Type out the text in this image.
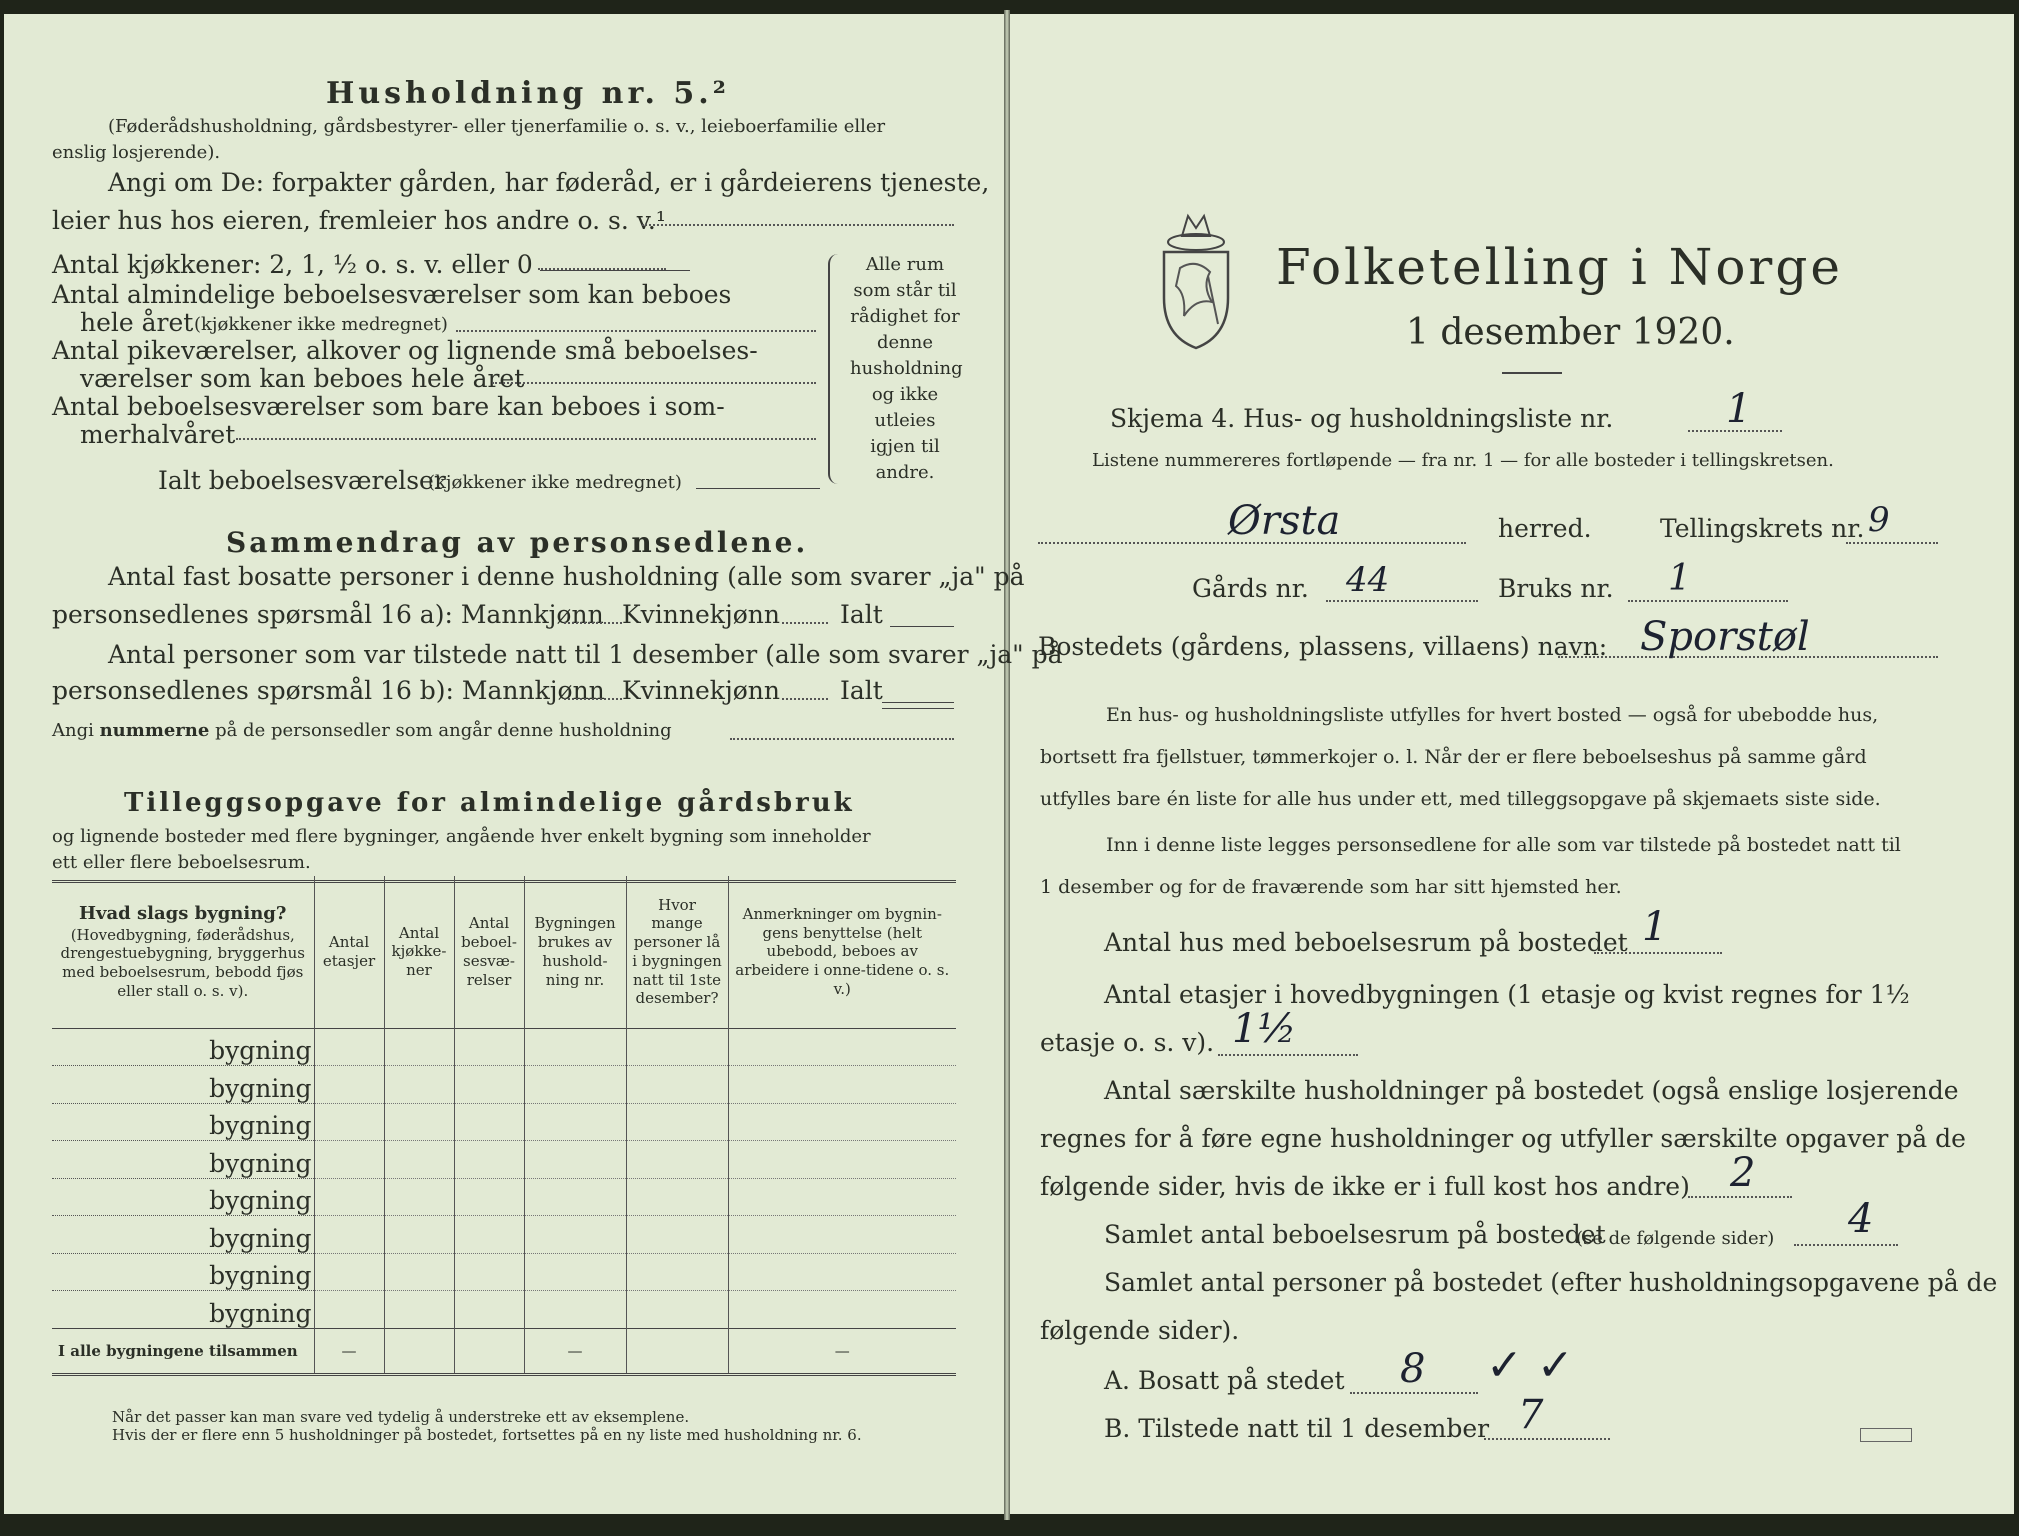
Husholdning nr. 5.²
(Føderådshusholdning, gårdsbestyrer- eller tjenerfamilie o. s. v., leieboerfamilie eller
enslig losjerende).
Angi om De: forpakter gården, har føderåd, er i gårdeierens tjeneste,
leier hus hos eieren, fremleier hos andre o. s. v.¹
Antal kjøkkener: 2, 1, ½ o. s. v. eller 0
Antal almindelige beboelsesværelser som kan beboes
hele året (kjøkkener ikke medregnet)
Antal pikeværelser, alkover og lignende små beboelses-
værelser som kan beboes hele året
Antal beboelsesværelser som bare kan beboes i som-
merhalvåret
Ialt beboelsesværelser
(kjøkkener ikke medregnet)
Alle rum som står til rådighet for denne husholdning og ikke utleies igjen til andre.
Sammendrag av personsedlene.
Antal fast bosatte personer i denne husholdning (alle som svarer „ja" på
personsedlenes spørsmål 16 a): Mannkjønn Kvinnekjønn Ialt
Antal personer som var tilstede natt til 1 desember (alle som svarer „ja" på
personsedlenes spørsmål 16 b): Mannkjønn Kvinnekjønn Ialt
Angi nummerne på de personsedler som angår denne husholdning
Tilleggsopgave for almindelige gårdsbruk
og lignende bosteder med flere bygninger, angående hver enkelt bygning som inneholder
ett eller flere beboelsesrum.
Hvad slags bygning?
(Hovedbygning, føderådshus, drengestuebygning, bryggerhus med beboelsesrum, bebodd fjøs eller stall o. s. v).	Antal etasjer	Antal kjøkke-ner	Antal beboel-sesvæ-relser	Bygningen brukes av hushold-ning nr.	Hvor mange personer lå i bygningen natt til 1ste desember?	Anmerkninger om bygnin-gens benyttelse (helt ubebodd, beboes av arbeidere i onne-tidene o. s. v.)
bygning						
bygning						
bygning						
bygning						
bygning						
bygning						
bygning						
bygning						
I alle bygningene tilsammen	—			—		—
Når det passer kan man svare ved tydelig å understreke ett av eksemplene.
Hvis der er flere enn 5 husholdninger på bostedet, fortsettes på en ny liste med husholdning nr. 6.
Folketelling i Norge
1 desember 1920.
Skjema 4. Hus- og husholdningsliste nr.	1
Listene nummereres fortløpende — fra nr. 1 — for alle bosteder i tellingskretsen.
Ørsta	herred.	Tellingskrets nr. 9
Gårds nr. 44	Bruks nr. 1
Bostedets (gårdens, plassens, villaens) navn: Sporstøl
En hus- og husholdningsliste utfylles for hvert bosted — også for ubebodde hus,
bortsett fra fjellstuer, tømmerkojer o. l. Når der er flere beboelseshus på samme gård
utfylles bare én liste for alle hus under ett, med tilleggsopgave på skjemaets siste side.
Inn i denne liste legges personsedlene for alle som var tilstede på bostedet natt til
1 desember og for de fraværende som har sitt hjemsted her.
Antal hus med beboelsesrum på bostedet 1
Antal etasjer i hovedbygningen (1 etasje og kvist regnes for 1½
etasje o. s. v). 1½
Antal særskilte husholdninger på bostedet (også enslige losjerende
regnes for å føre egne husholdninger og utfyller særskilte opgaver på de
følgende sider, hvis de ikke er i full kost hos andre) 2
Samlet antal beboelsesrum på bostedet
(se de følgende sider) 4
Samlet antal personer på bostedet (efter husholdningsopgavene på de
følgende sider).
A. Bosatt på stedet 8 ✓ ✓
B. Tilstede natt til 1 desember 7
